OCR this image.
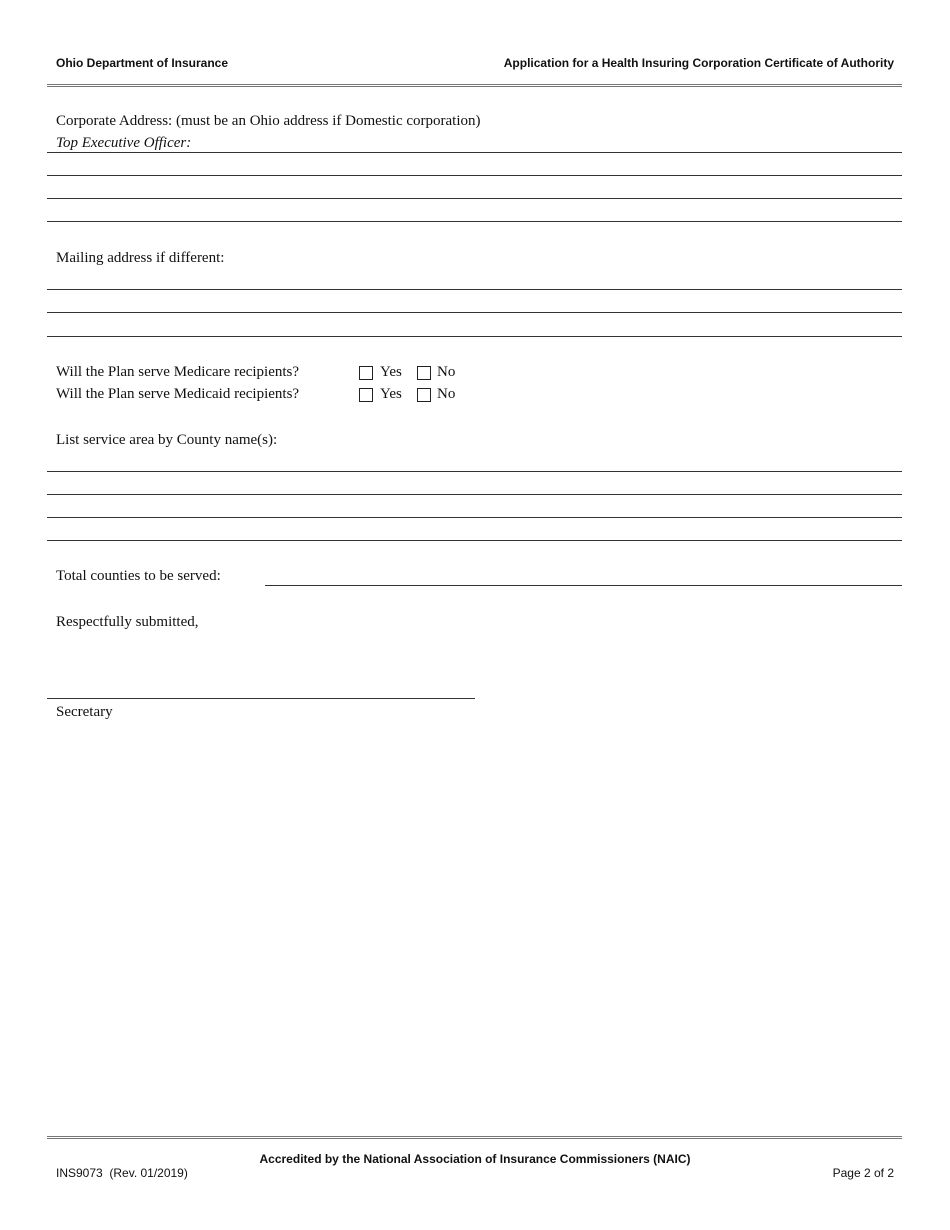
Ohio Department of Insurance	Application for a Health Insuring Corporation Certificate of Authority
Corporate Address: (must be an Ohio address if Domestic corporation)
Top Executive Officer:
Mailing address if different:
Will the Plan serve Medicare recipients?	Yes No
Will the Plan serve Medicaid recipients?	Yes No
List service area by County name(s):
Total counties to be served:
Respectfully submitted,
Secretary
Accredited by the National Association of Insurance Commissioners (NAIC)
INS9073  (Rev. 01/2019)	Page 2 of 2
